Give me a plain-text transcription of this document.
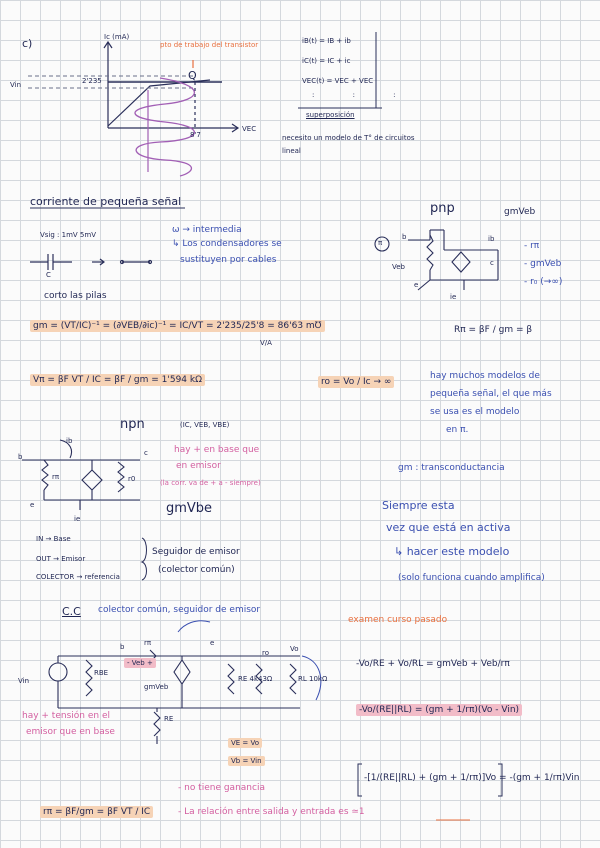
c)	Ic (mA)
VEC
pto de trabajo del transistor
Q
Vin	2'235
8'7
iB(t) = IB + ib
iC(t) = IC + ic
VEC(t) = VEC + VEC
: : :
superposición
necesito un modelo de T° de circuitos lineal
corriente de pequeña señal
Vsig : 1mV 5mV	ω → intermedia
↳ Los condensadores se
sustituyen por cables
C
corto las pilas
gm = (VT/IC)⁻¹ = (∂VEB/∂ic)⁻¹ = IC/VT = 2'235/25'8 = 86'63 m℧
V/A
Vπ = βF VT / IC = βF / gm = 1'594 kΩ
pnp	gmVeb
- rπ
- gmVeb
- r₀ (→∞)
π
b
Veb
e
ib
c
ie
Rπ = βF / gm = β
ro = Vo / Ic → ∞
hay muchos modelos de
pequeña señal, el que más
se usa es el modelo
en π.
gm : transconductancia
Siempre esta
vez que está en activa
↳ hacer este modelo
(solo funciona cuando amplifica)
npn	(IC, VEB, VBE)
hay + en base que
en emisor
(la corr. va de + a - siempre)
gmVbe
b
ib
rπ
c
r0
e
ie
IN → Base
OUT → Emisor
COLECTOR → referencia
Seguidor de emisor
(colector común)
C.C colector común, seguidor de emisor
examen curso pasado
Vin
RBE
rπ
b
- Veb +
gmVeb
RE
e
RE 4k43Ω
ro
RL 10kΩ
Vo
hay + tensión en el
emisor que en base
VE = Vo
Vb = Vin
-Vo/RE + Vo/RL = gmVeb + Veb/rπ
-Vo/(RE||RL) = (gm + 1/rπ)(Vo - Vin)
-[1/(RE||RL) + (gm + 1/rπ)]Vo = -(gm + 1/rπ)Vin
rπ = βF/gm = βF VT / IC
- no tiene ganancia
- La relación entre salida y entrada es ≃1
